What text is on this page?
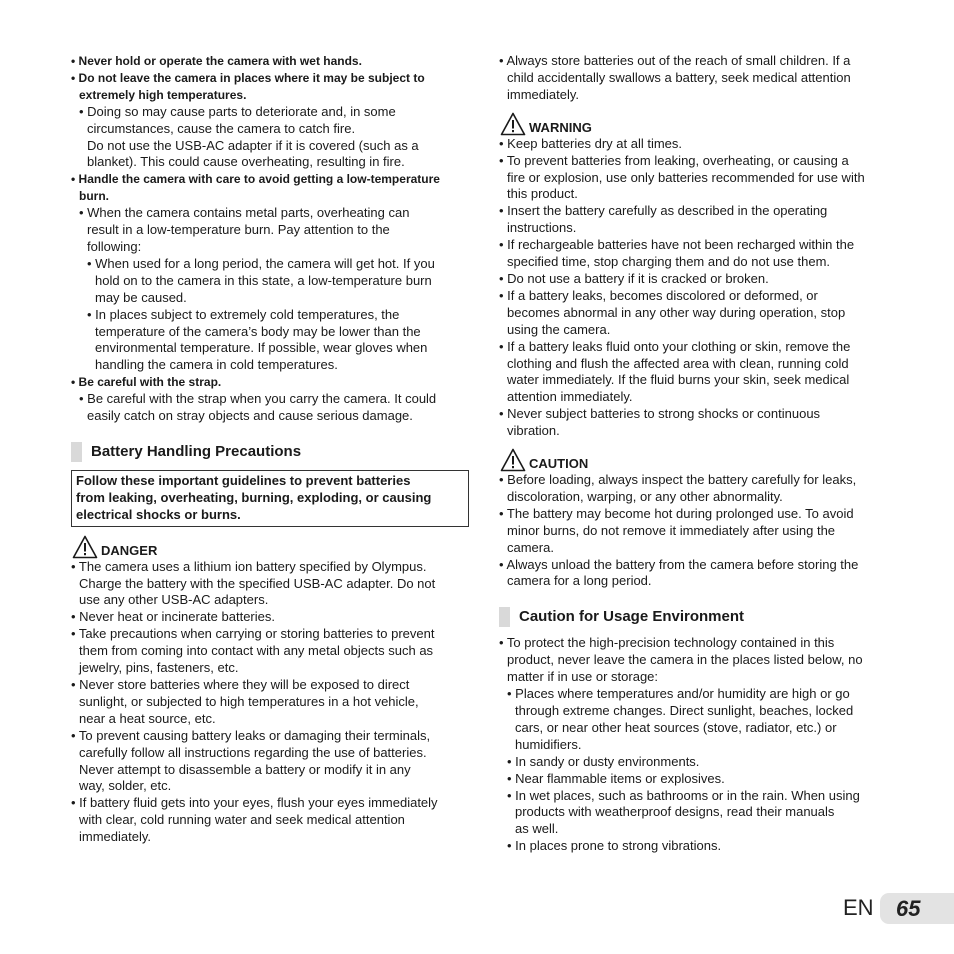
• Never hold or operate the camera with wet hands.
• Do not leave the camera in places where it may be subject to
extremely high temperatures.
• Doing so may cause parts to deteriorate and, in some
circumstances, cause the camera to catch fire.
Do not use the USB-AC adapter if it is covered (such as a
blanket). This could cause overheating, resulting in fire.
• Handle the camera with care to avoid getting a low-temperature
burn.
• When the camera contains metal parts, overheating can
result in a low-temperature burn. Pay attention to the
following:
• When used for a long period, the camera will get hot. If you
hold on to the camera in this state, a low-temperature burn
may be caused.
• In places subject to extremely cold temperatures, the
temperature of the camera’s body may be lower than the
environmental temperature. If possible, wear gloves when
handling the camera in cold temperatures.
• Be careful with the strap.
• Be careful with the strap when you carry the camera. It could
easily catch on stray objects and cause serious damage.
Battery Handling Precautions
Follow these important guidelines to prevent batteries
from leaking, overheating, burning, exploding, or causing
electrical shocks or burns.
DANGER
• The camera uses a lithium ion battery specified by Olympus.
Charge the battery with the specified USB-AC adapter. Do not
use any other USB-AC adapters.
• Never heat or incinerate batteries.
• Take precautions when carrying or storing batteries to prevent
them from coming into contact with any metal objects such as
jewelry, pins, fasteners, etc.
• Never store batteries where they will be exposed to direct
sunlight, or subjected to high temperatures in a hot vehicle,
near a heat source, etc.
• To prevent causing battery leaks or damaging their terminals,
carefully follow all instructions regarding the use of batteries.
Never attempt to disassemble a battery or modify it in any
way, solder, etc.
• If battery fluid gets into your eyes, flush your eyes immediately
with clear, cold running water and seek medical attention
immediately.
• Always store batteries out of the reach of small children. If a
child accidentally swallows a battery, seek medical attention
immediately.
WARNING
• Keep batteries dry at all times.
• To prevent batteries from leaking, overheating, or causing a
fire or explosion, use only batteries recommended for use with
this product.
• Insert the battery carefully as described in the operating
instructions.
• If rechargeable batteries have not been recharged within the
specified time, stop charging them and do not use them.
• Do not use a battery if it is cracked or broken.
• If a battery leaks, becomes discolored or deformed, or
becomes abnormal in any other way during operation, stop
using the camera.
• If a battery leaks fluid onto your clothing or skin, remove the
clothing and flush the affected area with clean, running cold
water immediately. If the fluid burns your skin, seek medical
attention immediately.
• Never subject batteries to strong shocks or continuous
vibration.
CAUTION
• Before loading, always inspect the battery carefully for leaks,
discoloration, warping, or any other abnormality.
• The battery may become hot during prolonged use. To avoid
minor burns, do not remove it immediately after using the
camera.
• Always unload the battery from the camera before storing the
camera for a long period.
Caution for Usage Environment
• To protect the high-precision technology contained in this
product, never leave the camera in the places listed below, no
matter if in use or storage:
• Places where temperatures and/or humidity are high or go
through extreme changes. Direct sunlight, beaches, locked
cars, or near other heat sources (stove, radiator, etc.) or
humidifiers.
• In sandy or dusty environments.
• Near flammable items or explosives.
• In wet places, such as bathrooms or in the rain. When using
products with weatherproof designs, read their manuals
as well.
• In places prone to strong vibrations.
EN 65
